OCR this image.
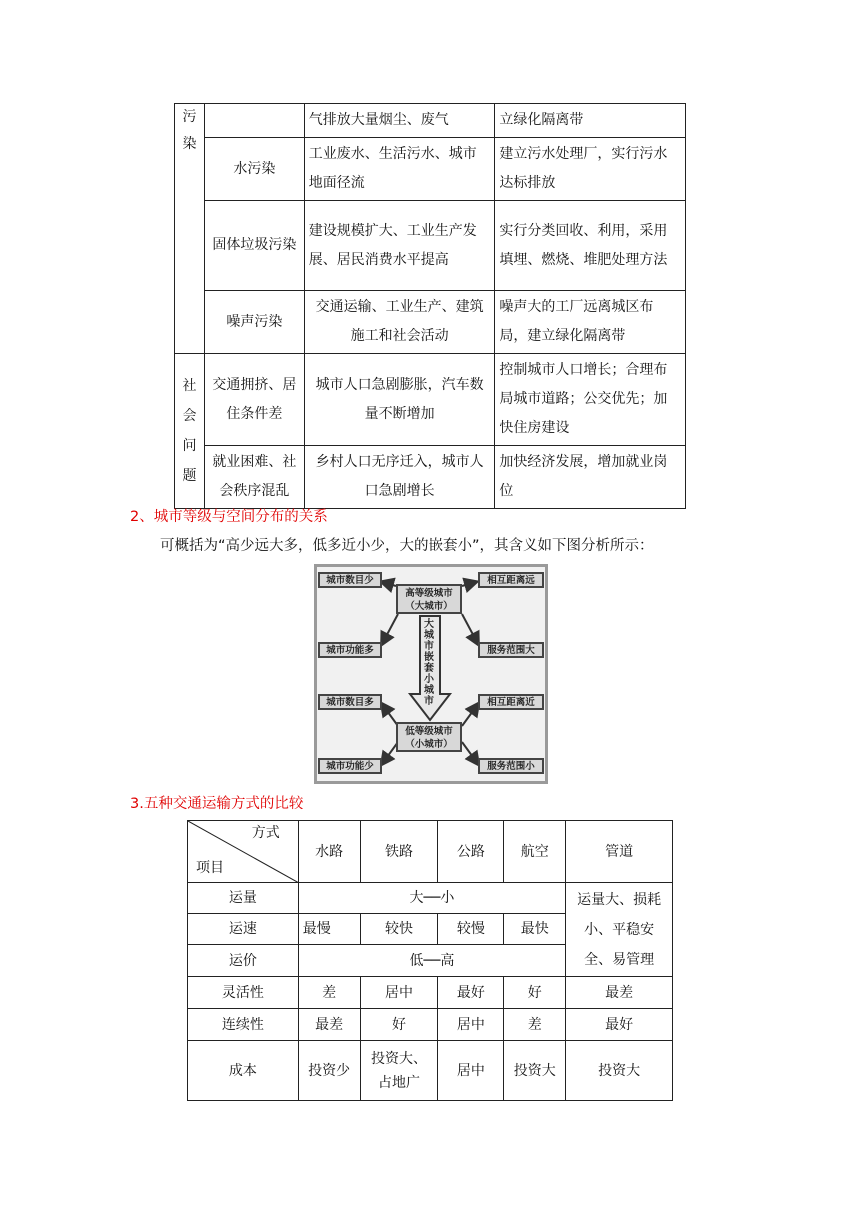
污染		气排放大量烟尘、废气	立绿化隔离带
	水污染	工业废水、生活污水、城市地面径流	建立污水处理厂，实行污水达标排放
	固体垃圾污染	建设规模扩大、工业生产发展、居民消费水平提高	实行分类回收、利用，采用填埋、燃烧、堆肥处理方法
	噪声污染	交通运输、工业生产、建筑施工和社会活动	噪声大的工厂远离城区布局，建立绿化隔离带

社会问题	交通拥挤、居住条件差	城市人口急剧膨胀，汽车数量不断增加	控制城市人口增长；合理布局城市道路；公交优先；加快住房建设
	就业困难、社会秩序混乱	乡村人口无序迁入，城市人口急剧增长	加快经济发展，增加就业岗位
2、城市等级与空间分布的关系
可概括为“高少远大多，低多近小少，大的嵌套小”，其含义如下图分析所示：
城市数目少
城市功能多
高等级城市（大城市）
相互距离远
服务范围大
大城市嵌套小城市
城市数目多
城市功能少
低等级城市（小城市）
相互距离近
服务范围小
3.五种交通运输方式的比较
方式
项目	水路	铁路	公路	航空	管道
运量	大──小				运量大、损耗小、平稳安全、易管理
运速	最慢	较快	较慢	最快	
运价	低──高				
灵活性	差	居中	最好	好	最差
连续性	最差	好	居中	差	最好
成本	投资少	投资大、占地广	居中	投资大	投资大
